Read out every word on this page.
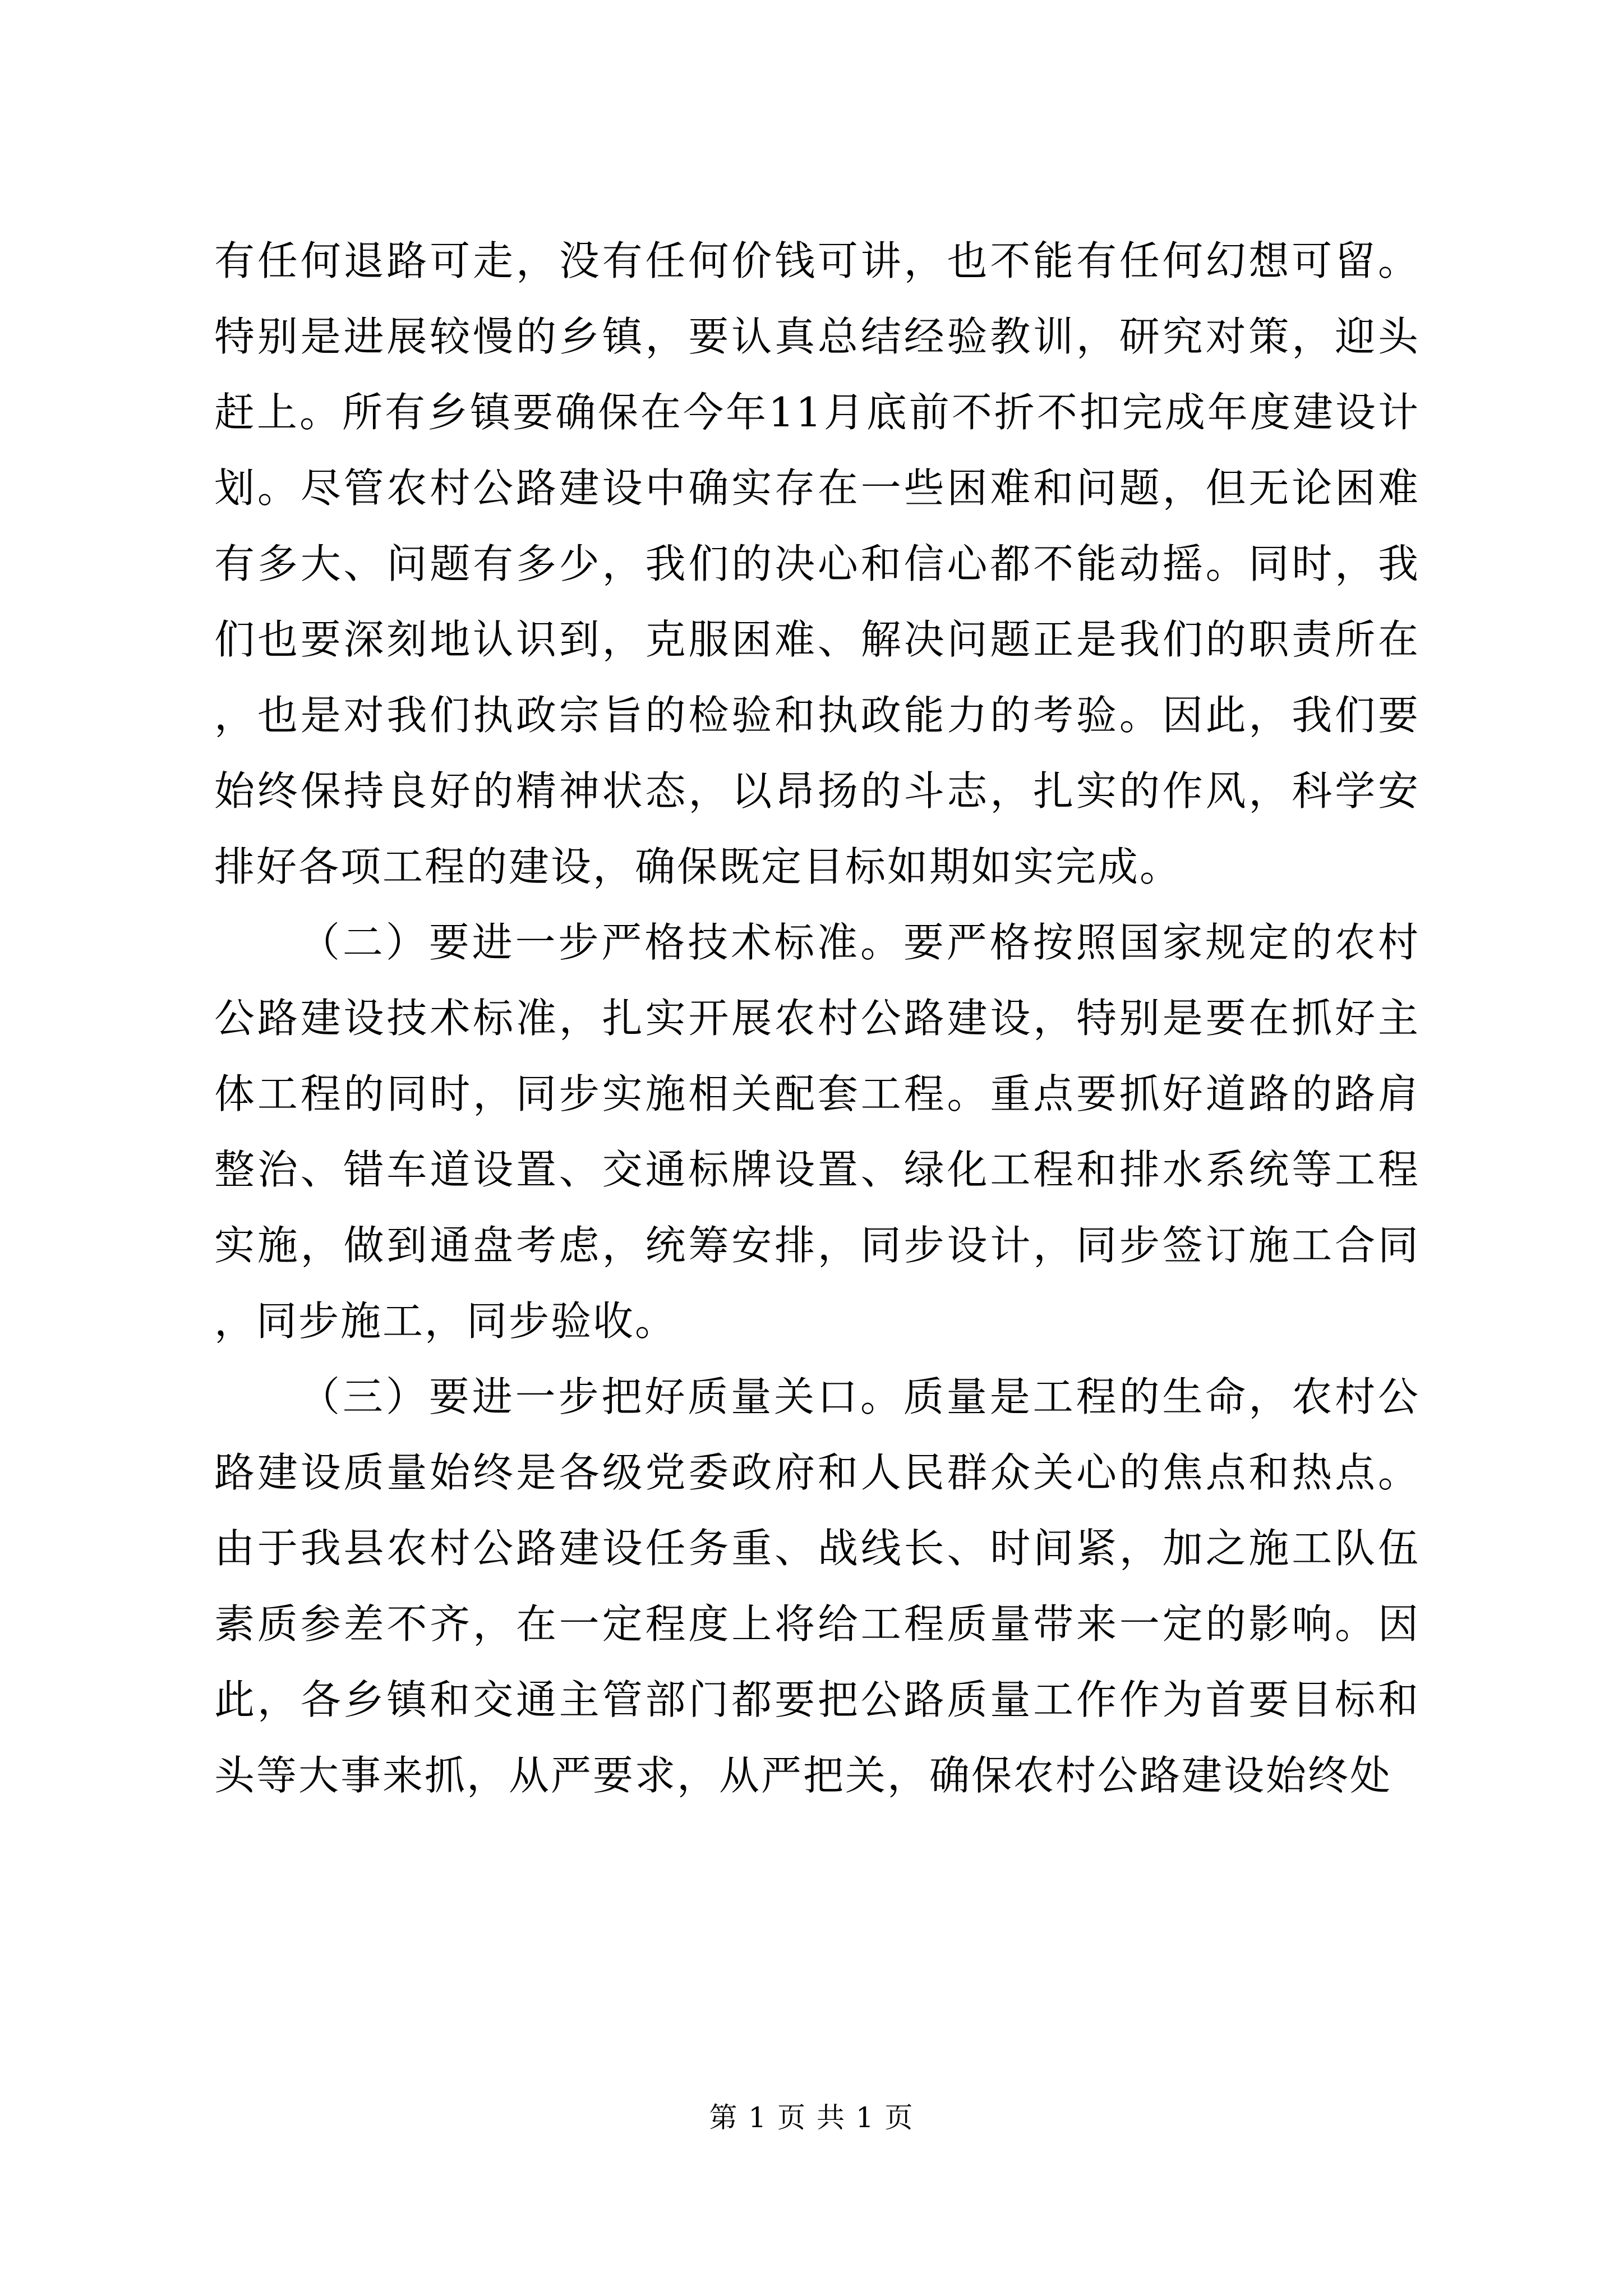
有任何退路可走，没有任何价钱可讲，也不能有任何幻想可留。特别是进展较慢的乡镇，要认真总结经验教训，研究对策，迎头赶上。所有乡镇要确保在今年11月底前不折不扣完成年度建设计划。尽管农村公路建设中确实存在一些困难和问题，但无论困难有多大、问题有多少，我们的决心和信心都不能动摇。同时，我们也要深刻地认识到，克服困难、解决问题正是我们的职责所在，也是对我们执政宗旨的检验和执政能力的考验。因此，我们要始终保持良好的精神状态，以昂扬的斗志，扎实的作风，科学安排好各项工程的建设，确保既定目标如期如实完成。

（二）要进一步严格技术标准。要严格按照国家规定的农村公路建设技术标准，扎实开展农村公路建设，特别是要在抓好主体工程的同时，同步实施相关配套工程。重点要抓好道路的路肩整治、错车道设置、交通标牌设置、绿化工程和排水系统等工程实施，做到通盘考虑，统筹安排，同步设计，同步签订施工合同，同步施工，同步验收。

（三）要进一步把好质量关口。质量是工程的生命，农村公路建设质量始终是各级党委政府和人民群众关心的焦点和热点。由于我县农村公路建设任务重、战线长、时间紧，加之施工队伍素质参差不齐，在一定程度上将给工程质量带来一定的影响。因此，各乡镇和交通主管部门都要把公路质量工作作为首要目标和头等大事来抓，从严要求，从严把关，确保农村公路建设始终处

第 1 页 共 1 页
